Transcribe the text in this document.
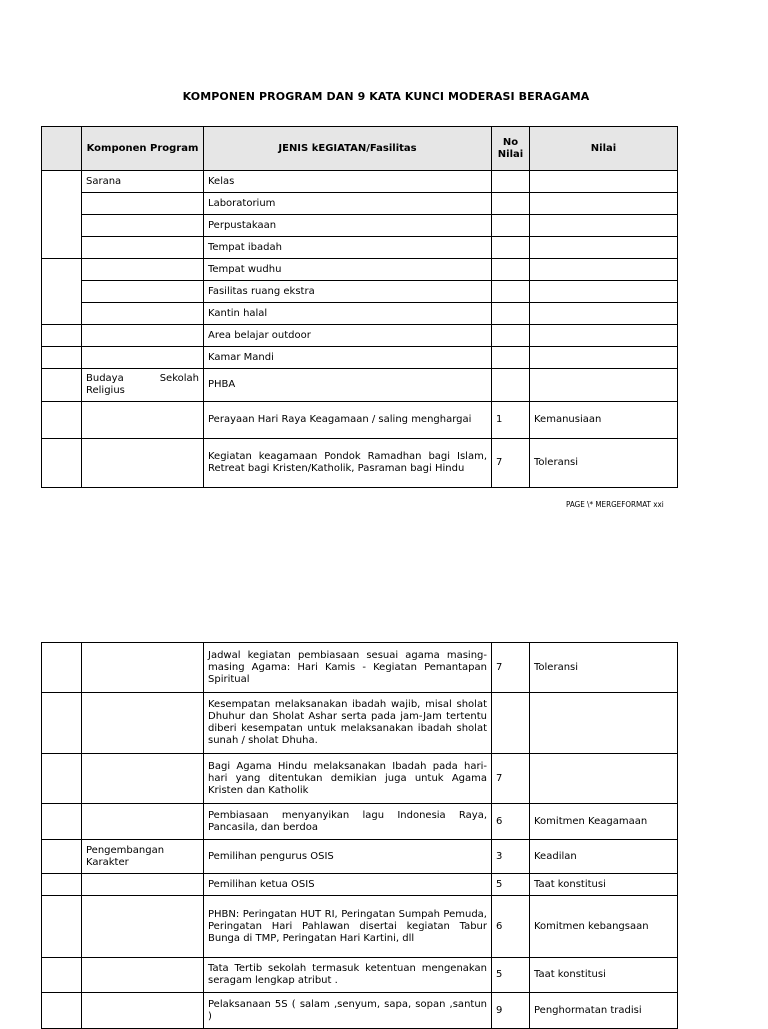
KOMPONEN PROGRAM DAN 9 KATA KUNCI MODERASI BERAGAMA
	Komponen Program	JENIS kEGIATAN/Fasilitas	No Nilai	Nilai
	Sarana	Kelas		
		Laboratorium		
		Perpustakaan		
		Tempat ibadah		
		Tempat wudhu		
		Fasilitas ruang ekstra		
		Kantin halal		
		Area belajar outdoor		
		Kamar Mandi		
	Budaya Sekolah Religius	PHBA		
		Perayaan Hari Raya Keagamaan / saling menghargai	1	Kemanusiaan
		Kegiatan keagamaan Pondok Ramadhan bagi Islam, Retreat bagi Kristen/Katholik, Pasraman bagi Hindu	7	Toleransi
PAGE \* MERGEFORMAT xxi
		Jadwal kegiatan pembiasaan sesuai agama masing-masing Agama: Hari Kamis - Kegiatan Pemantapan Spiritual	7	Toleransi
		Kesempatan melaksanakan ibadah wajib, misal sholat Dhuhur dan Sholat Ashar serta pada jam-Jam tertentu diberi kesempatan untuk melaksanakan ibadah sholat sunah / sholat Dhuha.		
		Bagi Agama Hindu melaksanakan Ibadah pada hari-hari yang ditentukan demikian juga untuk Agama Kristen dan Katholik	7	
		Pembiasaan menyanyikan lagu Indonesia Raya, Pancasila, dan berdoa	6	Komitmen Keagamaan
	Pengembangan Karakter	Pemilihan pengurus OSIS	3	Keadilan
		Pemilihan ketua OSIS	5	Taat konstitusi
		PHBN: Peringatan HUT RI, Peringatan Sumpah Pemuda, Peringatan Hari Pahlawan disertai kegiatan Tabur Bunga di TMP, Peringatan Hari Kartini, dll	6	Komitmen kebangsaan
		Tata Tertib sekolah termasuk ketentuan mengenakan seragam lengkap atribut .	5	Taat konstitusi
		Pelaksanaan 5S ( salam ,senyum, sapa, sopan ,santun )	9	Penghormatan tradisi
